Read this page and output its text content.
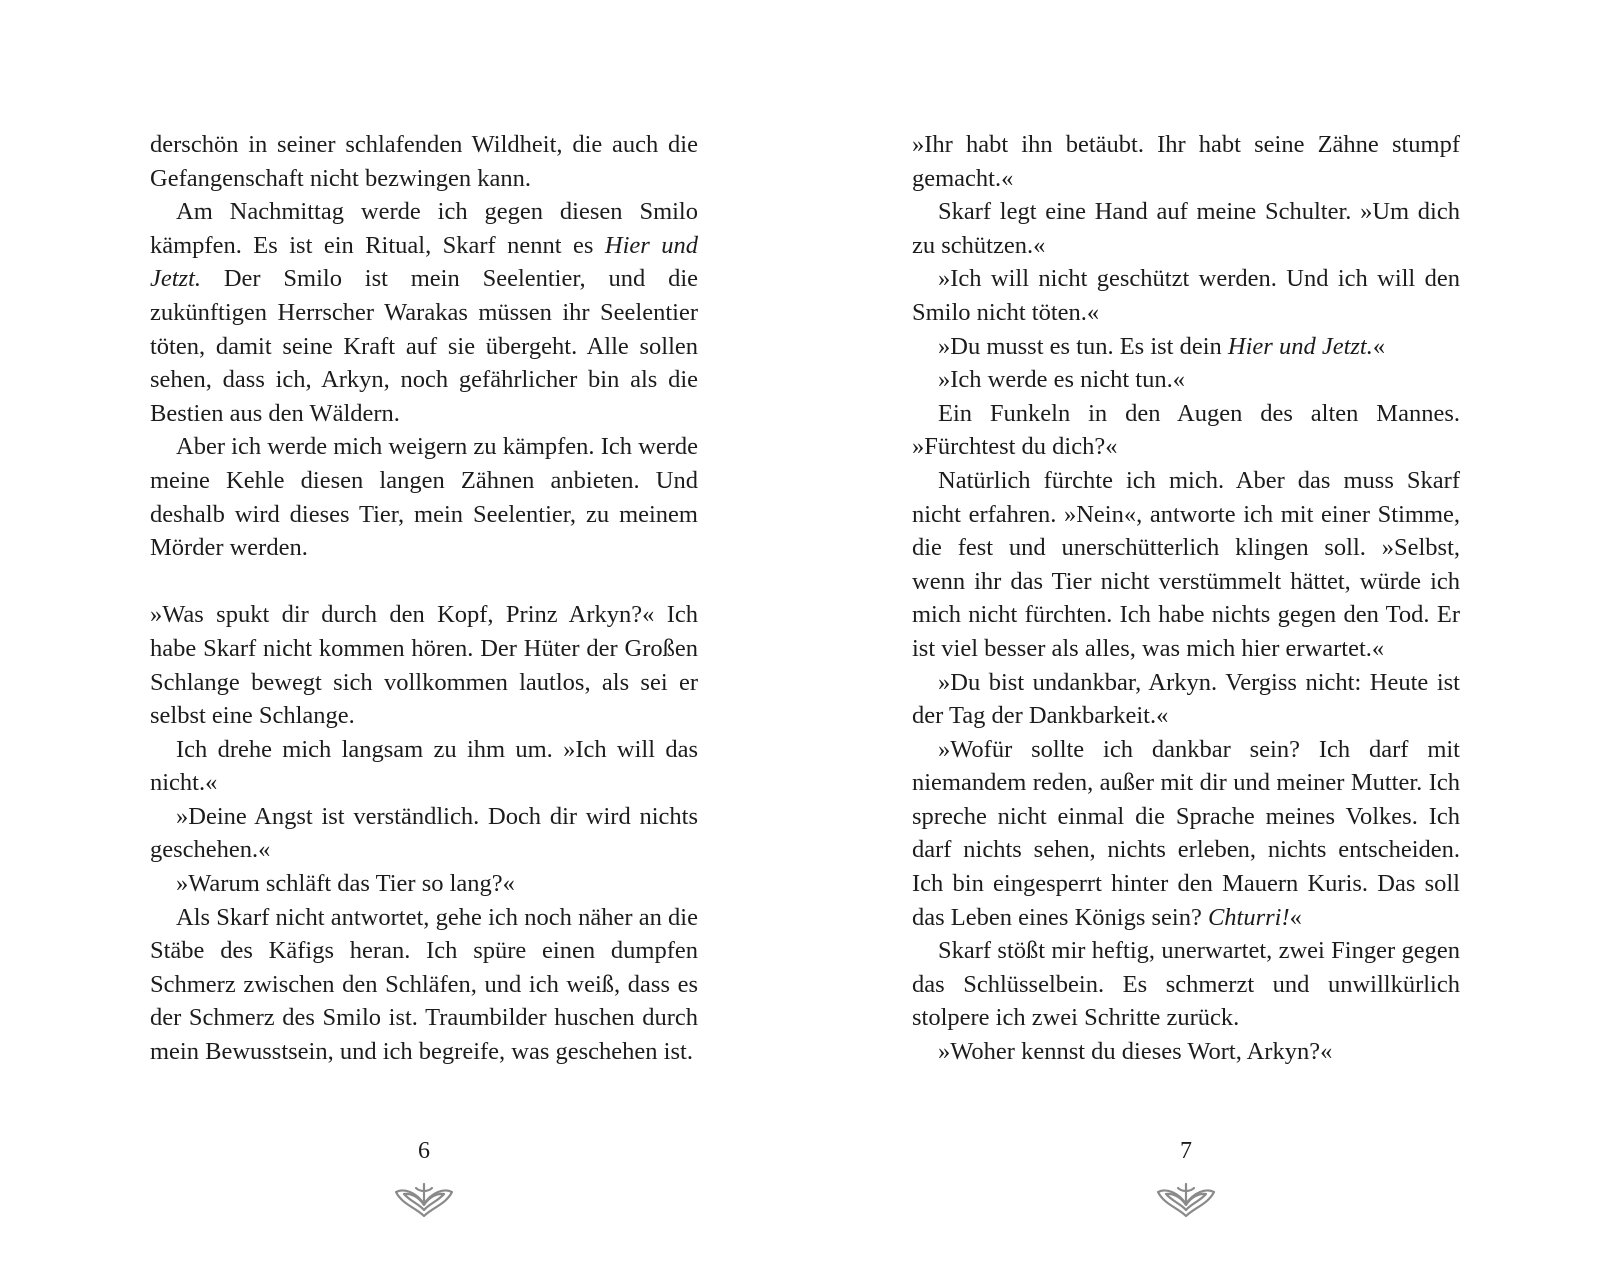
derschön in seiner schlafenden Wildheit, die auch die Gefangenschaft nicht bezwingen kann.

Am Nachmittag werde ich gegen diesen Smilo kämpfen. Es ist ein Ritual, Skarf nennt es Hier und Jetzt. Der Smilo ist mein Seelentier, und die zukünftigen Herrscher Warakas müssen ihr Seelentier töten, damit seine Kraft auf sie übergeht. Alle sollen sehen, dass ich, Arkyn, noch gefährlicher bin als die Bestien aus den Wäldern.

Aber ich werde mich weigern zu kämpfen. Ich werde meine Kehle diesen langen Zähnen anbieten. Und deshalb wird dieses Tier, mein Seelentier, zu meinem Mörder werden.

»Was spukt dir durch den Kopf, Prinz Arkyn?« Ich habe Skarf nicht kommen hören. Der Hüter der Großen Schlange bewegt sich vollkommen lautlos, als sei er selbst eine Schlange.

Ich drehe mich langsam zu ihm um. »Ich will das nicht.«

»Deine Angst ist verständlich. Doch dir wird nichts geschehen.«

»Warum schläft das Tier so lang?«

Als Skarf nicht antwortet, gehe ich noch näher an die Stäbe des Käfigs heran. Ich spüre einen dumpfen Schmerz zwischen den Schläfen, und ich weiß, dass es der Schmerz des Smilo ist. Traumbilder huschen durch mein Bewusstsein, und ich begreife, was geschehen ist.

»Ihr habt ihn betäubt. Ihr habt seine Zähne stumpf gemacht.«

Skarf legt eine Hand auf meine Schulter. »Um dich zu schützen.«

»Ich will nicht geschützt werden. Und ich will den Smilo nicht töten.«

»Du musst es tun. Es ist dein Hier und Jetzt.«

»Ich werde es nicht tun.«

Ein Funkeln in den Augen des alten Mannes. »Fürchtest du dich?«

Natürlich fürchte ich mich. Aber das muss Skarf nicht erfahren. »Nein«, antworte ich mit einer Stimme, die fest und unerschütterlich klingen soll. »Selbst, wenn ihr das Tier nicht verstümmelt hättet, würde ich mich nicht fürchten. Ich habe nichts gegen den Tod. Er ist viel besser als alles, was mich hier erwartet.«

»Du bist undankbar, Arkyn. Vergiss nicht: Heute ist der Tag der Dankbarkeit.«

»Wofür sollte ich dankbar sein? Ich darf mit niemandem reden, außer mit dir und meiner Mutter. Ich spreche nicht einmal die Sprache meines Volkes. Ich darf nichts sehen, nichts erleben, nichts entscheiden. Ich bin eingesperrt hinter den Mauern Kuris. Das soll das Leben eines Königs sein? Chturri!«

Skarf stößt mir heftig, unerwartet, zwei Finger gegen das Schlüsselbein. Es schmerzt und unwillkürlich stolpere ich zwei Schritte zurück.

»Woher kennst du dieses Wort, Arkyn?«

6	7
